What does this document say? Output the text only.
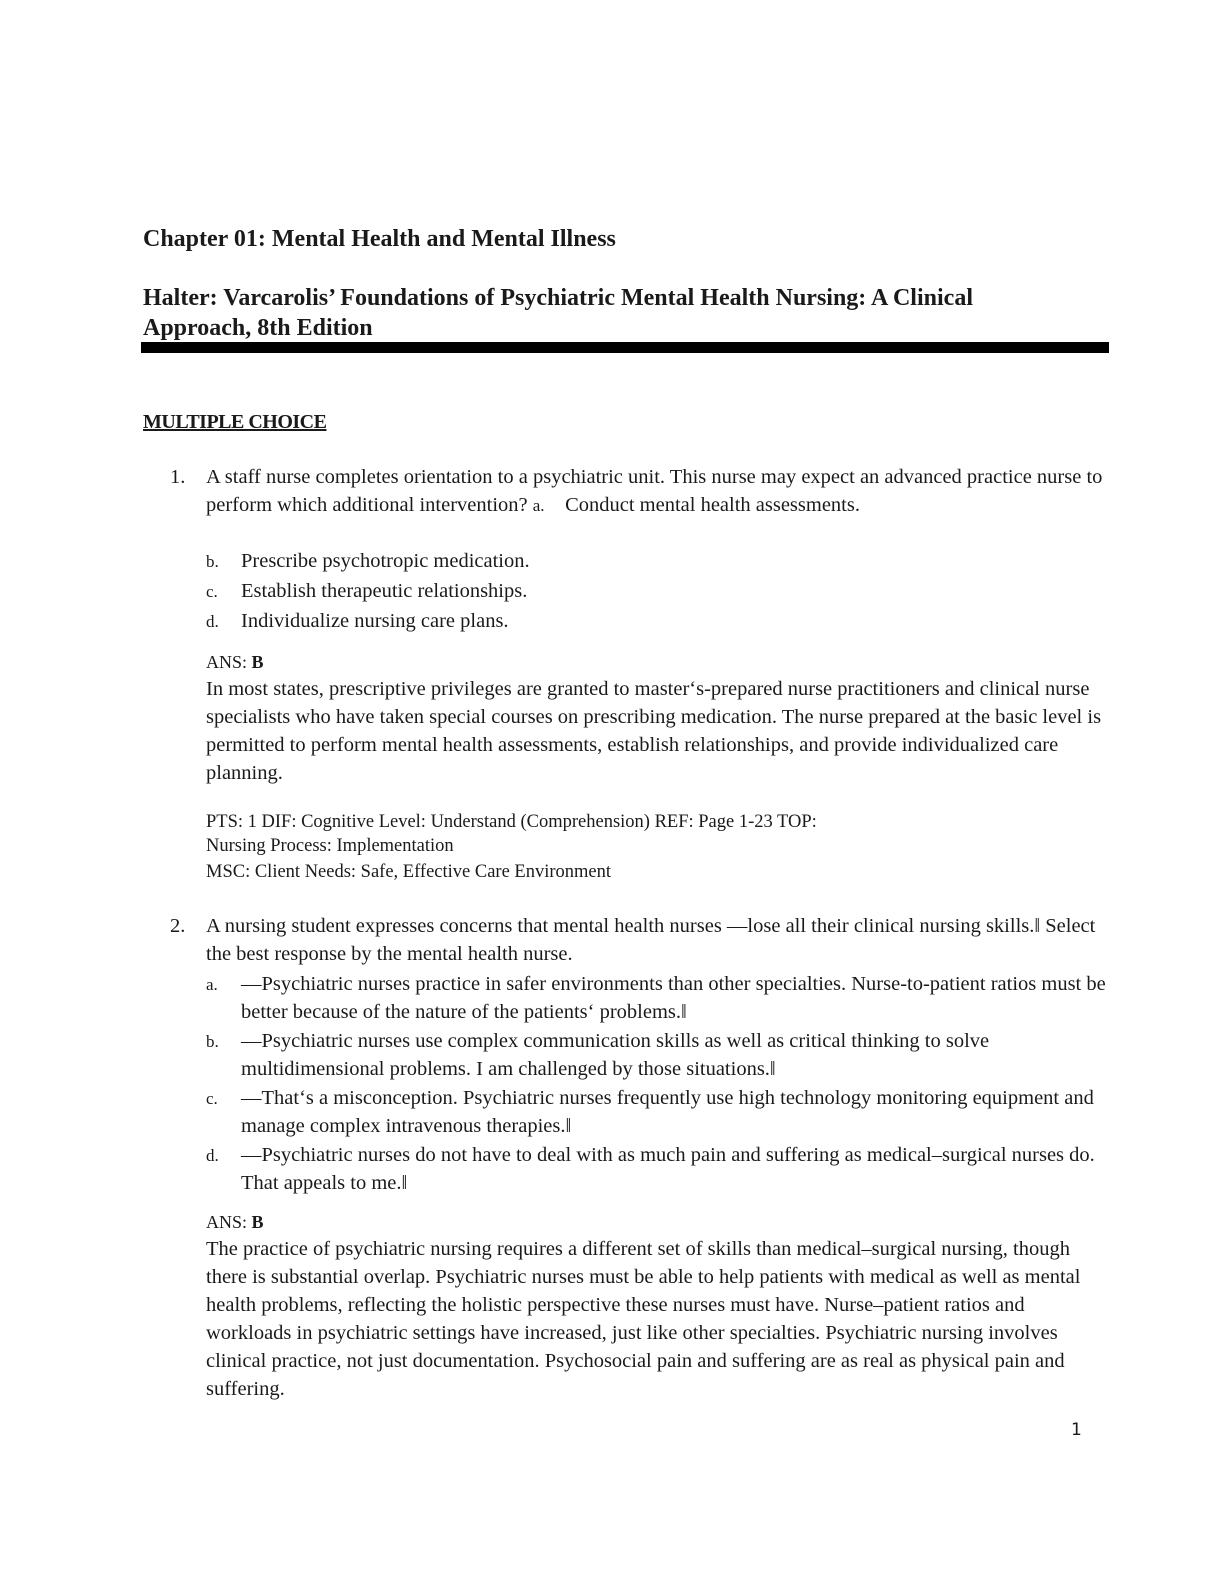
Chapter 01: Mental Health and Mental Illness
Halter: Varcarolis’ Foundations of Psychiatric Mental Health Nursing: A Clinical Approach, 8th Edition
MULTIPLE CHOICE
1. A staff nurse completes orientation to a psychiatric unit. This nurse may expect an advanced practice nurse to perform which additional intervention? a. Conduct mental health assessments.

b. Prescribe psychotropic medication.
c. Establish therapeutic relationships.
d. Individualize nursing care plans.
ANS: B

In most states, prescriptive privileges are granted to master‘s-prepared nurse practitioners and clinical nurse specialists who have taken special courses on prescribing medication. The nurse prepared at the basic level is permitted to perform mental health assessments, establish relationships, and provide individualized care planning.

PTS: 1 DIF: Cognitive Level: Understand (Comprehension) REF: Page 1-23 TOP:
Nursing Process: Implementation
MSC: Client Needs: Safe, Effective Care Environment
2. A nursing student expresses concerns that mental health nurses ―lose all their clinical nursing skills.‖ Select the best response by the mental health nurse.

a. ―Psychiatric nurses practice in safer environments than other specialties. Nurse-to-patient ratios must be better because of the nature of the patients‘ problems.‖
b. ―Psychiatric nurses use complex communication skills as well as critical thinking to solve multidimensional problems. I am challenged by those situations.‖
c. ―That‘s a misconception. Psychiatric nurses frequently use high technology monitoring equipment and manage complex intravenous therapies.‖
d. ―Psychiatric nurses do not have to deal with as much pain and suffering as medical–surgical nurses do. That appeals to me.‖
ANS: B

The practice of psychiatric nursing requires a different set of skills than medical–surgical nursing, though there is substantial overlap. Psychiatric nurses must be able to help patients with medical as well as mental health problems, reflecting the holistic perspective these nurses must have. Nurse–patient ratios and workloads in psychiatric settings have increased, just like other specialties. Psychiatric nursing involves clinical practice, not just documentation. Psychosocial pain and suffering are as real as physical pain and suffering.

1
